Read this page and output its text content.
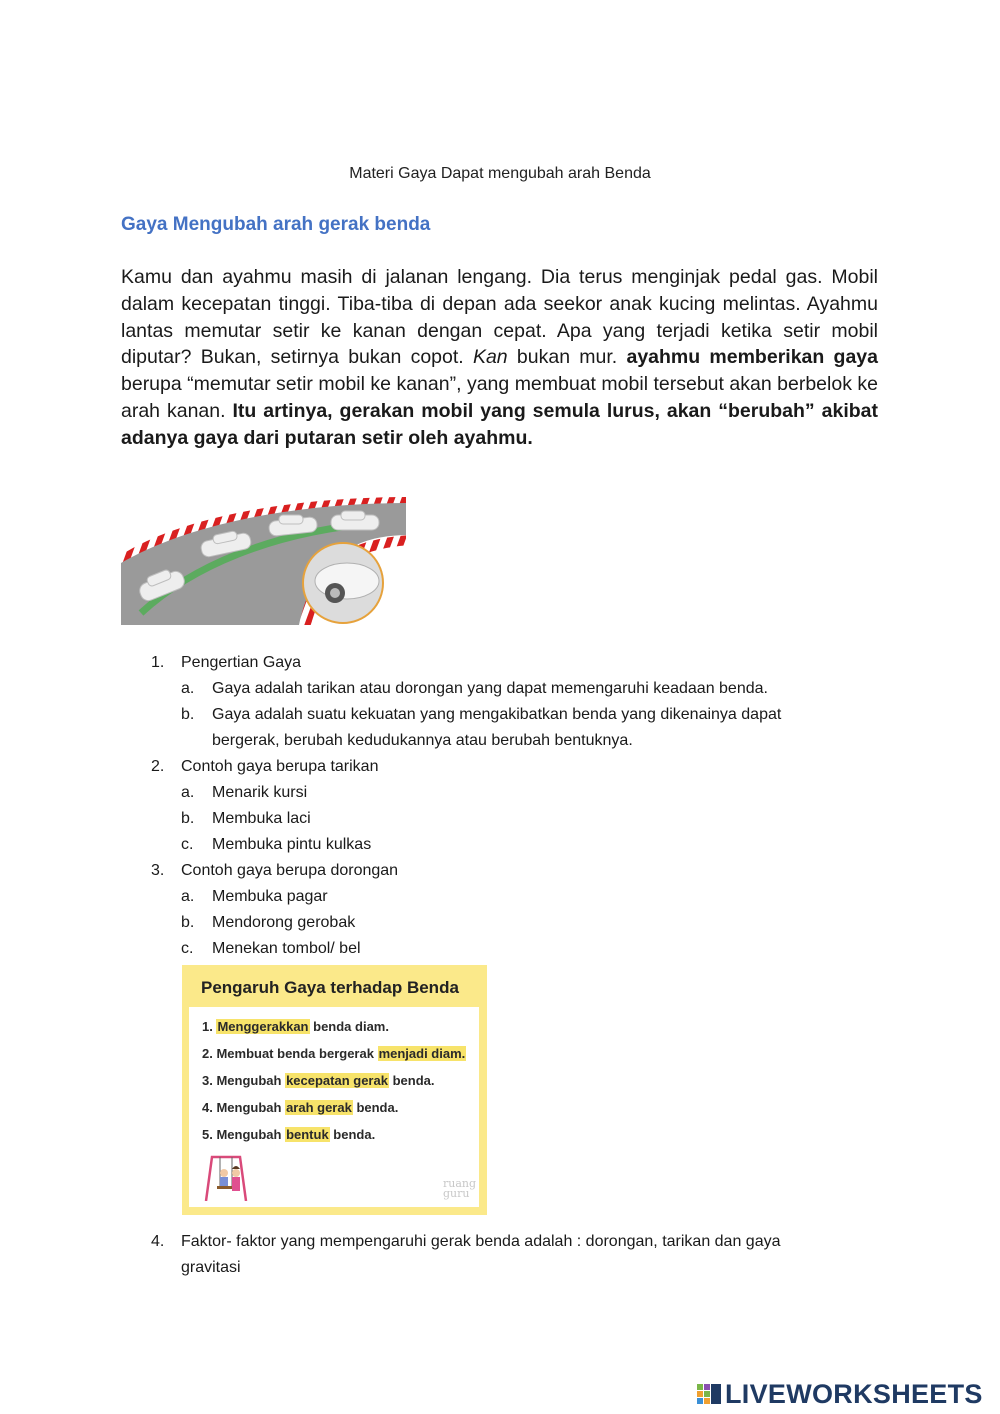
Materi Gaya Dapat mengubah arah Benda
Gaya Mengubah arah gerak benda
Kamu dan ayahmu masih di jalanan lengang. Dia terus menginjak pedal gas. Mobil dalam kecepatan tinggi. Tiba-tiba di depan ada seekor anak kucing melintas. Ayahmu lantas memutar setir ke kanan dengan cepat. Apa yang terjadi ketika setir mobil diputar? Bukan, setirnya bukan copot. Kan bukan mur. ayahmu memberikan gaya berupa “memutar setir mobil ke kanan”, yang membuat mobil tersebut akan berbelok ke arah kanan. Itu artinya, gerakan mobil yang semula lurus, akan “berubah” akibat adanya gaya dari putaran setir oleh ayahmu.
1. Pengertian Gaya
a. Gaya adalah tarikan atau dorongan yang dapat memengaruhi keadaan benda.
b. Gaya adalah suatu kekuatan yang mengakibatkan benda yang dikenainya dapat bergerak, berubah kedudukannya atau berubah bentuknya.
2. Contoh gaya berupa tarikan
a. Menarik kursi
b. Membuka laci
c. Membuka pintu kulkas
3. Contoh gaya berupa dorongan
a. Membuka pagar
b. Mendorong gerobak
c. Menekan tombol/ bel
4. Faktor- faktor yang mempengaruhi gerak benda adalah : dorongan, tarikan dan gaya gravitasi
Pengaruh Gaya terhadap Benda
1. Menggerakkan benda diam.
2. Membuat benda bergerak menjadi diam.
3. Mengubah kecepatan gerak benda.
4. Mengubah arah gerak benda.
5. Mengubah bentuk benda.
ruang
guru
LIVEWORKSHEETS
